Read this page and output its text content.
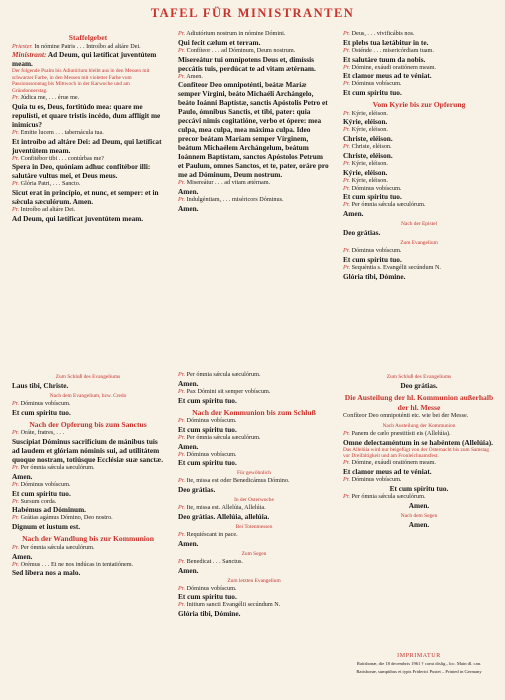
TAFEL FÜR MINISTRANTEN

Staffelgebet

Priester. In nómine Patris . . . Introíbo ad altáre Dei.

Ministrant: Ad Deum, qui lætíficat juventútem meam.

Der folgende Psalm bis Adiutórium bleibt aus in den Messen mit schwarzer Farbe, in den Messen mit violetter Farbe vom Passionssonntag bis Mittwoch in der Karwoche und am Gründonnerstag.

Pr. Júdica me, . . . érue me.

Quia tu es, Deus, fortitúdo mea: quare me repulísti, et quare tristis incédo, dum afflígit me inimícus?

Pr. Emitte lucem . . . tabernácula tua.

Et introíbo ad altáre Dei: ad Deum, qui lætíficat juventútem meam.

Pr. Confitébor tibi . . . contúrbas me?

Spera in Deo, quóniam adhuc confitébor illi: salutáre vultus mei, et Deus meus.

Pr. Glória Patri, . . . Sancto.

Sicut erat in princípio, et nunc, et semper: et in sǽcula sæculórum. Amen.

Pr. Introíbo ad altáre Dei.

Ad Deum, qui lætíficat juventútem meam.

Pr. Adiutórium nostrum in nómine Dómini.

Qui fecit cælum et terram.

Pr. Confíteor . . . ad Dóminum, Deum nostrum.

Misereátur tui omnípotens Deus et, dimíssis peccátis tuis, perdúcat te ad vitam ætérnam.

Pr. Amen.

Confíteor Deo omnipoténti, beátæ Maríæ semper Vírgini, beáto Michaéli Archángelo, beáto Ioánni Baptístæ, sanctis Apóstolis Petro et Paulo, ómnibus Sanctis, et tibi, pater: quia peccávi nimis cogitatióne, verbo et ópere: mea culpa, mea culpa, mea máxima culpa. Ideo precor beátam Maríam semper Vírginem, beátum Michaélem Archángelum, beátum Ioánnem Baptístam, sanctos Apóstolos Petrum et Paulum, omnes Sanctos, et te, pater, oráre pro me ad Dóminum, Deum nostrum.

Pr. Misereátur . . . ad vitam ætérnam.

Amen.

Pr. Indulgéntiam, . . . miséricors Dóminus.

Amen.

Pr. Deus, . . . vivificábis nos.

Et plebs tua lætábitur in te.

Pr. Osténde . . . misericórdiam tuam.

Et salutáre tuum da nobis.

Pr. Dómine, exáudi oratiónem meam.

Et clamor meus ad te véniat.

Pr. Dóminus vobíscum.

Et cum spíritu tuo.

Vom Kyrie bis zur Opferung

Pr. Kýrie, eléison.

Kýrie, eléison.

Pr. Kýrie, eléison.

Christe, eléison.

Pr. Christe, eléison.

Christe, eléison.

Pr. Kýrie, eléison.

Kýrie, eléison.

Pr. Kýrie, eléison.

Pr. Dóminus vobíscum.

Et cum spíritu tuo.

Pr. Per ómnia sǽcula sæculórum.

Amen.

Nach der Epistel

Deo grátias.

Zum Evangelium

Pr. Dóminus vobíscum.

Et cum spíritu tuo.

Pr. Sequéntia s. Evangélii secúndum N.

Glória tibi, Dómine.

Zum Schluß des Evangeliums

Laus tibi, Christe.

Nach dem Evangelium, bzw. Credo

Pr. Dóminus vobíscum.

Et cum spíritu tuo.

Nach der Opferung bis zum Sanctus

Pr. Oráte, fratres, . . .

Suscípiat Dóminus sacrifícium de mánibus tuis ad laudem et glóriam nóminis sui, ad utilitátem quoque nostram, totiúsque Ecclésiæ suæ sanctæ.

Pr. Per ómnia sǽcula sæculórum.

Amen.

Pr. Dóminus vobíscum.

Et cum spíritu tuo.

Pr. Sursum corda.

Habémus ad Dóminum.

Pr. Grátias agámus Dómino, Deo nostro.

Dignum et iustum est.

Nach der Wandlung bis zur Kommunion

Pr. Per ómnia sǽcula sæculórum.

Amen.

Pr. Orémus . . . Et ne nos indúcas in tentatiónem.

Sed líbera nos a malo.

Pr. Per ómnia sǽcula sæculórum.

Amen.

Pr. Pax Dómini sit semper vobíscum.

Et cum spíritu tuo.

Nach der Kommunion bis zum Schluß

Pr. Dóminus vobíscum.

Et cum spíritu tuo.

Pr. Per ómnia sǽcula sæculórum.

Amen.

Pr. Dóminus vobíscum.

Et cum spíritu tuo.

Für gewöhnlich

Pr. Ite, missa est oder Benedicámus Dómino.

Deo grátias.

In der Osterwoche

Pr. Ite, missa est. Allelúia, Allelúia.

Deo grátias. Allelúia, allelúia.

Bei Totenmessen

Pr. Requiéscant in pace.

Amen.

Zum Segen

Pr. Benedicat . . . Sanctus.

Amen.

Zum letzten Evangelium

Pr. Dóminus vobíscum.

Et cum spíritu tuo.

Pr. Initium sancti Evangélii secúndum N.

Glória tibi, Dómine.

Zum Schluß des Evangeliums

Deo grátias.

Die Austeilung der hl. Kommunion außerhalb der hl. Messe

Confíteor Deo omnipoténti etc. wie bei der Messe.

Nach Austeilung der Kommunion

Pr. Panem de cælo præstitísti eis (Allelúia).

Omne delectaméntum in se habéntem (Allelúia).

Das Allelúia wird nur beigefügt von der Osternacht bis zum Samstag vor Dreifaltigkeit und am Fronleichnamsfest.

Pr. Dómine, exáudi oratiónem meam.

Et clamor meus ad te véniat.

Pr. Dóminus vobíscum.

Et cum spíritu tuo.

Pr. Per ómnia sǽcula sæculórum.

Amen.

Nach dem Segen

Amen.

IMPRIMATUR
Ratisbonæ, die 18 decembris 1961 † comi dislig., loc. Main dl. can.
Ratisbonæ, sumptibus et typis Friderici Pustet – Printed in Germany
